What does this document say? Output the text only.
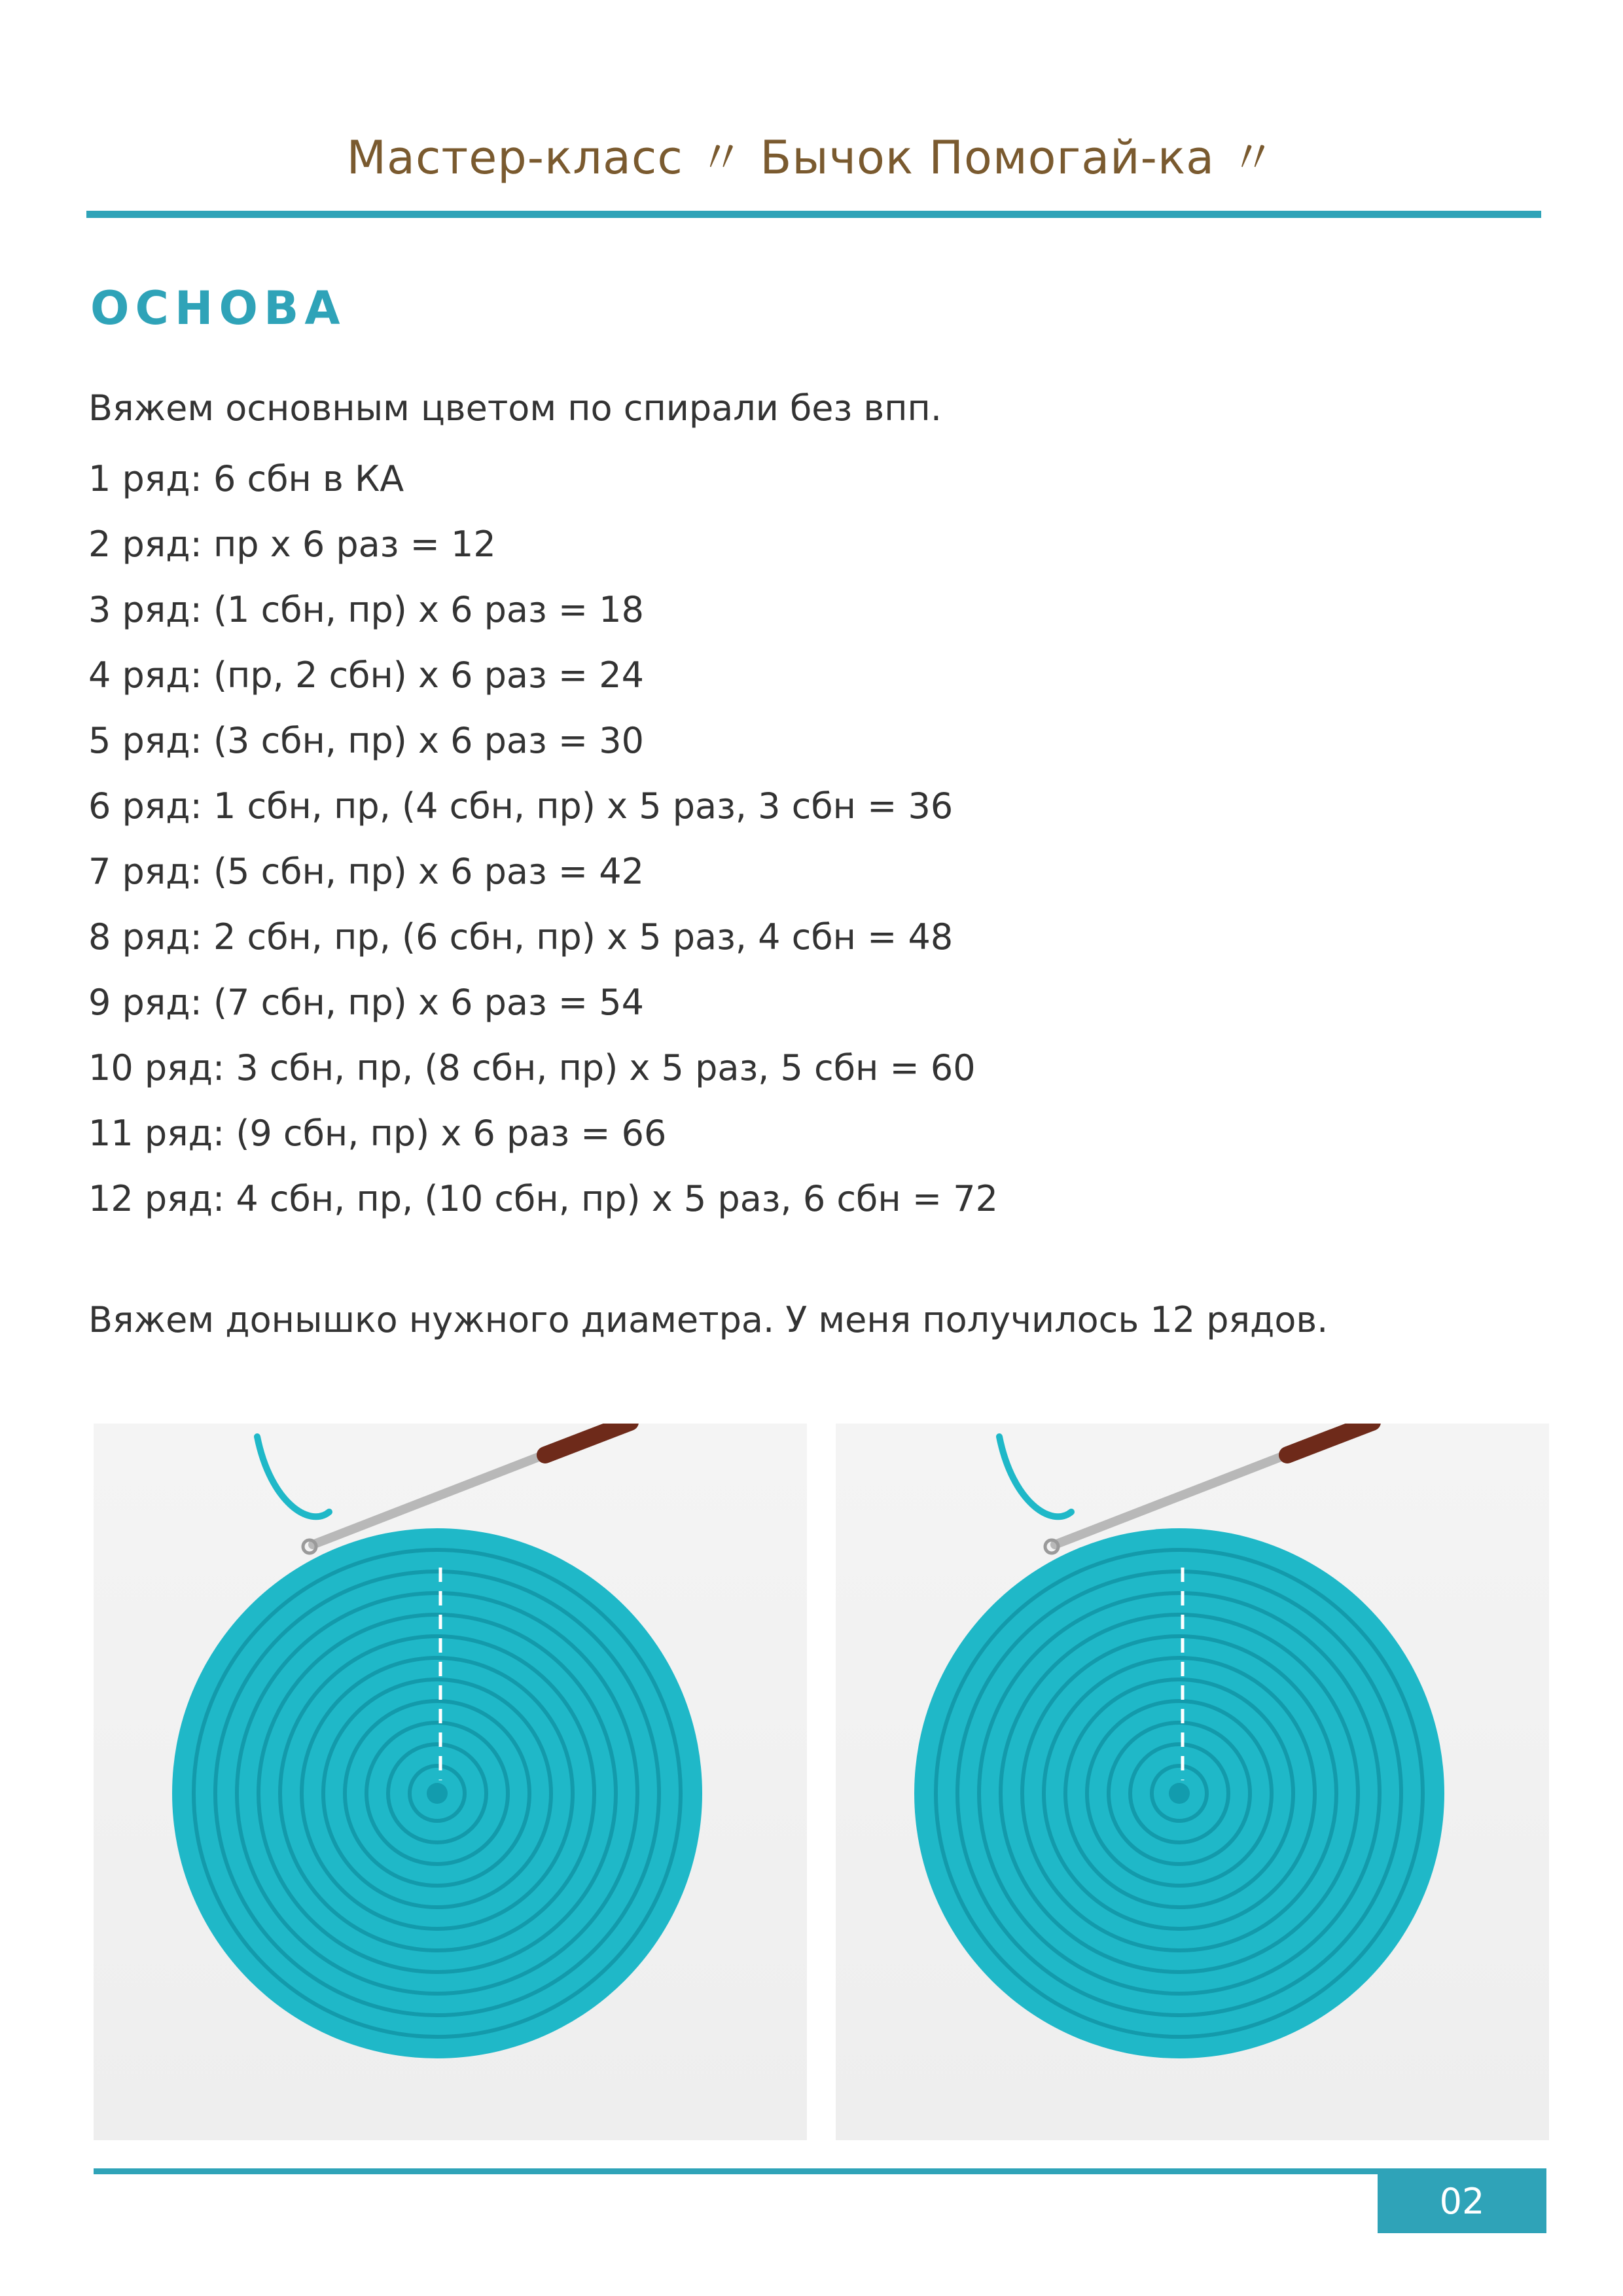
Мастер-класс 〃 Бычок Помогай-ка 〃
ОСНОВА
Вяжем основным цветом по спирали без впп.
1 ряд: 6 сбн в КА
2 ряд: пр х 6 раз = 12
3 ряд: (1 сбн, пр) х 6 раз = 18
4 ряд: (пр, 2 сбн) х 6 раз = 24
5 ряд: (3 сбн, пр) х 6 раз = 30
6 ряд: 1 сбн, пр, (4 сбн, пр) х 5 раз, 3 сбн = 36
7 ряд: (5 сбн, пр) х 6 раз = 42
8 ряд: 2 сбн, пр, (6 сбн, пр) х 5 раз, 4 сбн = 48
9 ряд: (7 сбн, пр) х 6 раз = 54
10 ряд: 3 сбн, пр, (8 сбн, пр) х 5 раз, 5 сбн = 60
11 ряд: (9 сбн, пр) х 6 раз = 66
12 ряд: 4 сбн, пр, (10 сбн, пр) х 5 раз, 6 сбн = 72
Вяжем донышко нужного диаметра. У меня получилось 12 рядов.
02
